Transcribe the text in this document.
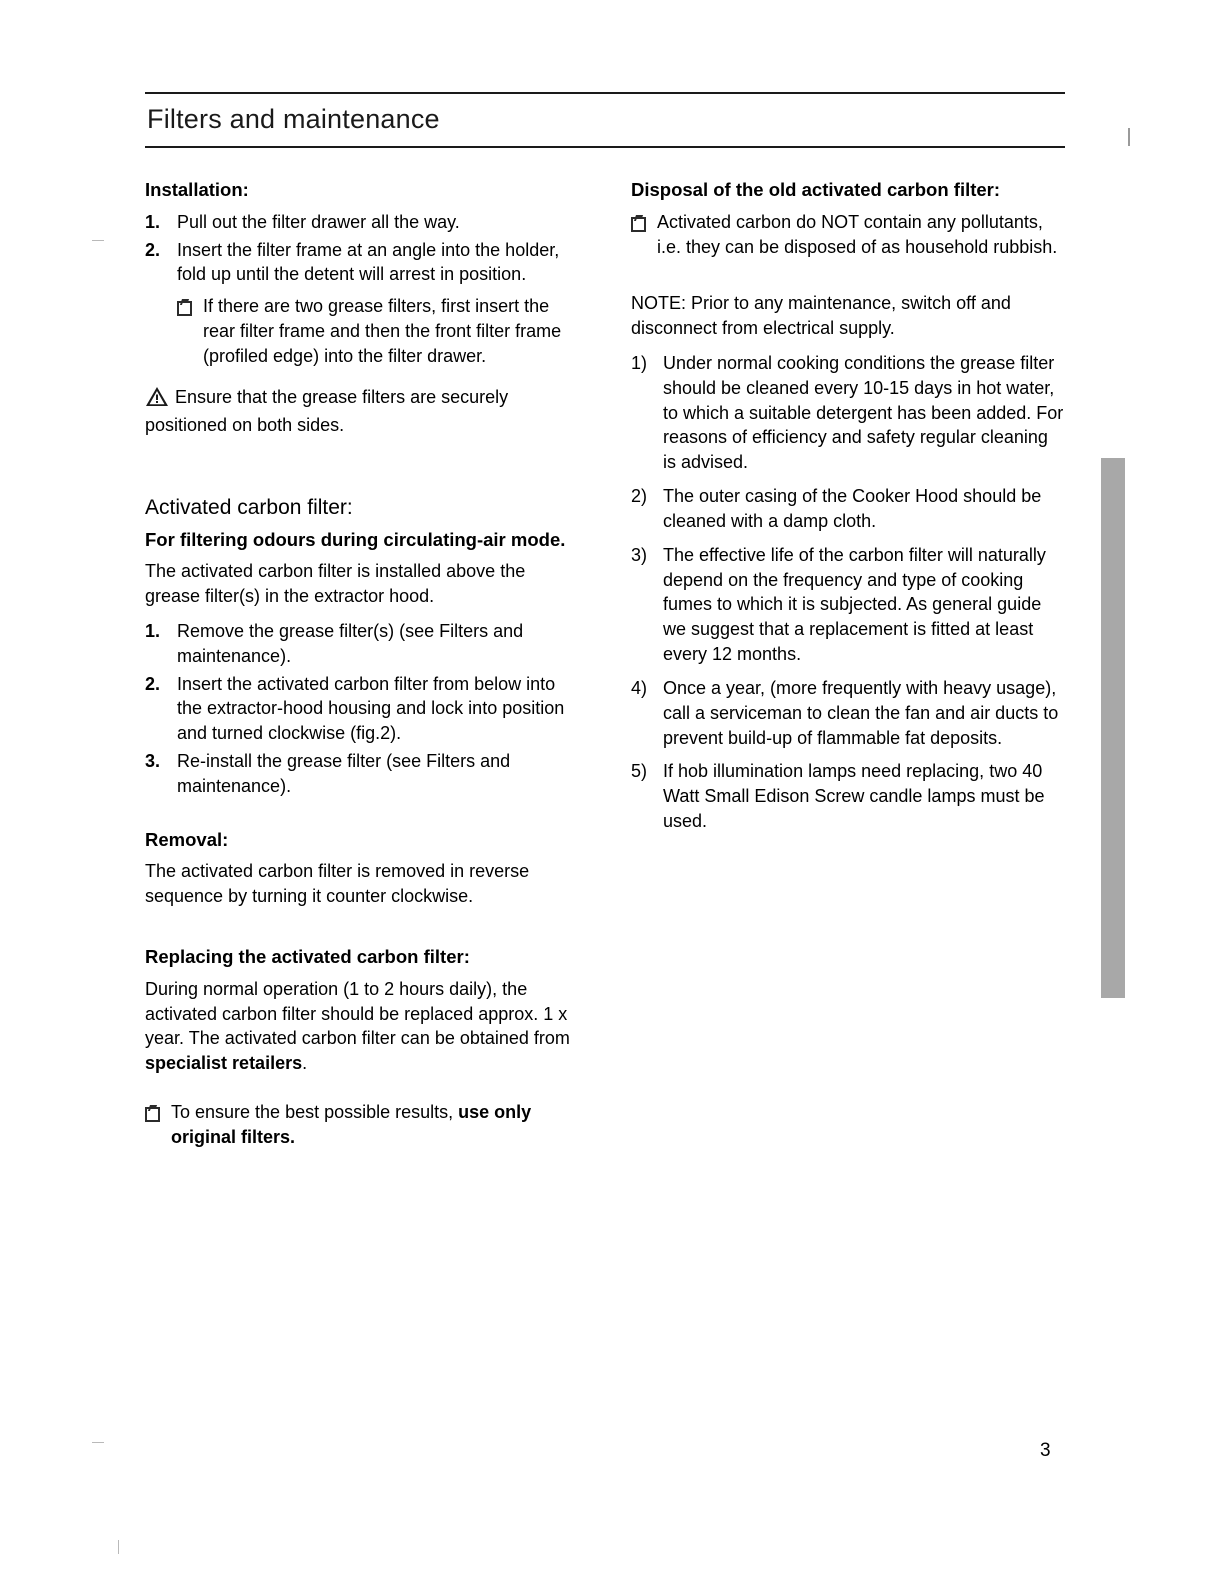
Filters and maintenance
Installation:
1. Pull out the filter drawer all the way.
2. Insert the filter frame at an angle into the holder, fold up until the detent will arrest in position.
If there are two grease filters, first insert the rear filter frame and then the front filter frame (profiled edge) into the filter drawer.
Ensure that the grease filters are securely positioned on both sides.
Activated carbon filter:
For filtering odours during circulating-air mode.

The activated carbon filter is installed above the grease filter(s) in the extractor hood.

1. Remove the grease filter(s) (see Filters and maintenance).
2. Insert the activated carbon filter from below into the extractor-hood housing and lock into position and turned clockwise (fig.2).
3. Re-install the grease filter (see Filters and maintenance).
Removal:

The activated carbon filter is removed in reverse sequence by turning it counter clockwise.

Replacing the activated carbon filter:

During normal operation (1 to 2 hours daily), the activated carbon filter should be replaced approx. 1 x year. The activated carbon filter can be obtained from specialist retailers.

To ensure the best possible results, use only original filters.
Disposal of the old activated carbon filter:
Activated carbon do NOT contain any pollutants, i.e. they can be disposed of as household rubbish.
NOTE: Prior to any maintenance, switch off and disconnect from electrical supply.
1) Under normal cooking conditions the grease filter should be cleaned every 10-15 days in hot water, to which a suitable detergent has been added. For reasons of efficiency and safety regular cleaning is advised.
2) The outer casing of the Cooker Hood should be cleaned with a damp cloth.
3) The effective life of the carbon filter will naturally depend on the frequency and type of cooking fumes to which it is subjected. As general guide we suggest that a replacement is fitted at least every 12 months.
4) Once a year, (more frequently with heavy usage), call a serviceman to clean the fan and air ducts to prevent build-up of flammable fat deposits.
5) If hob illumination lamps need replacing, two 40 Watt Small Edison Screw candle lamps must be used.
3
